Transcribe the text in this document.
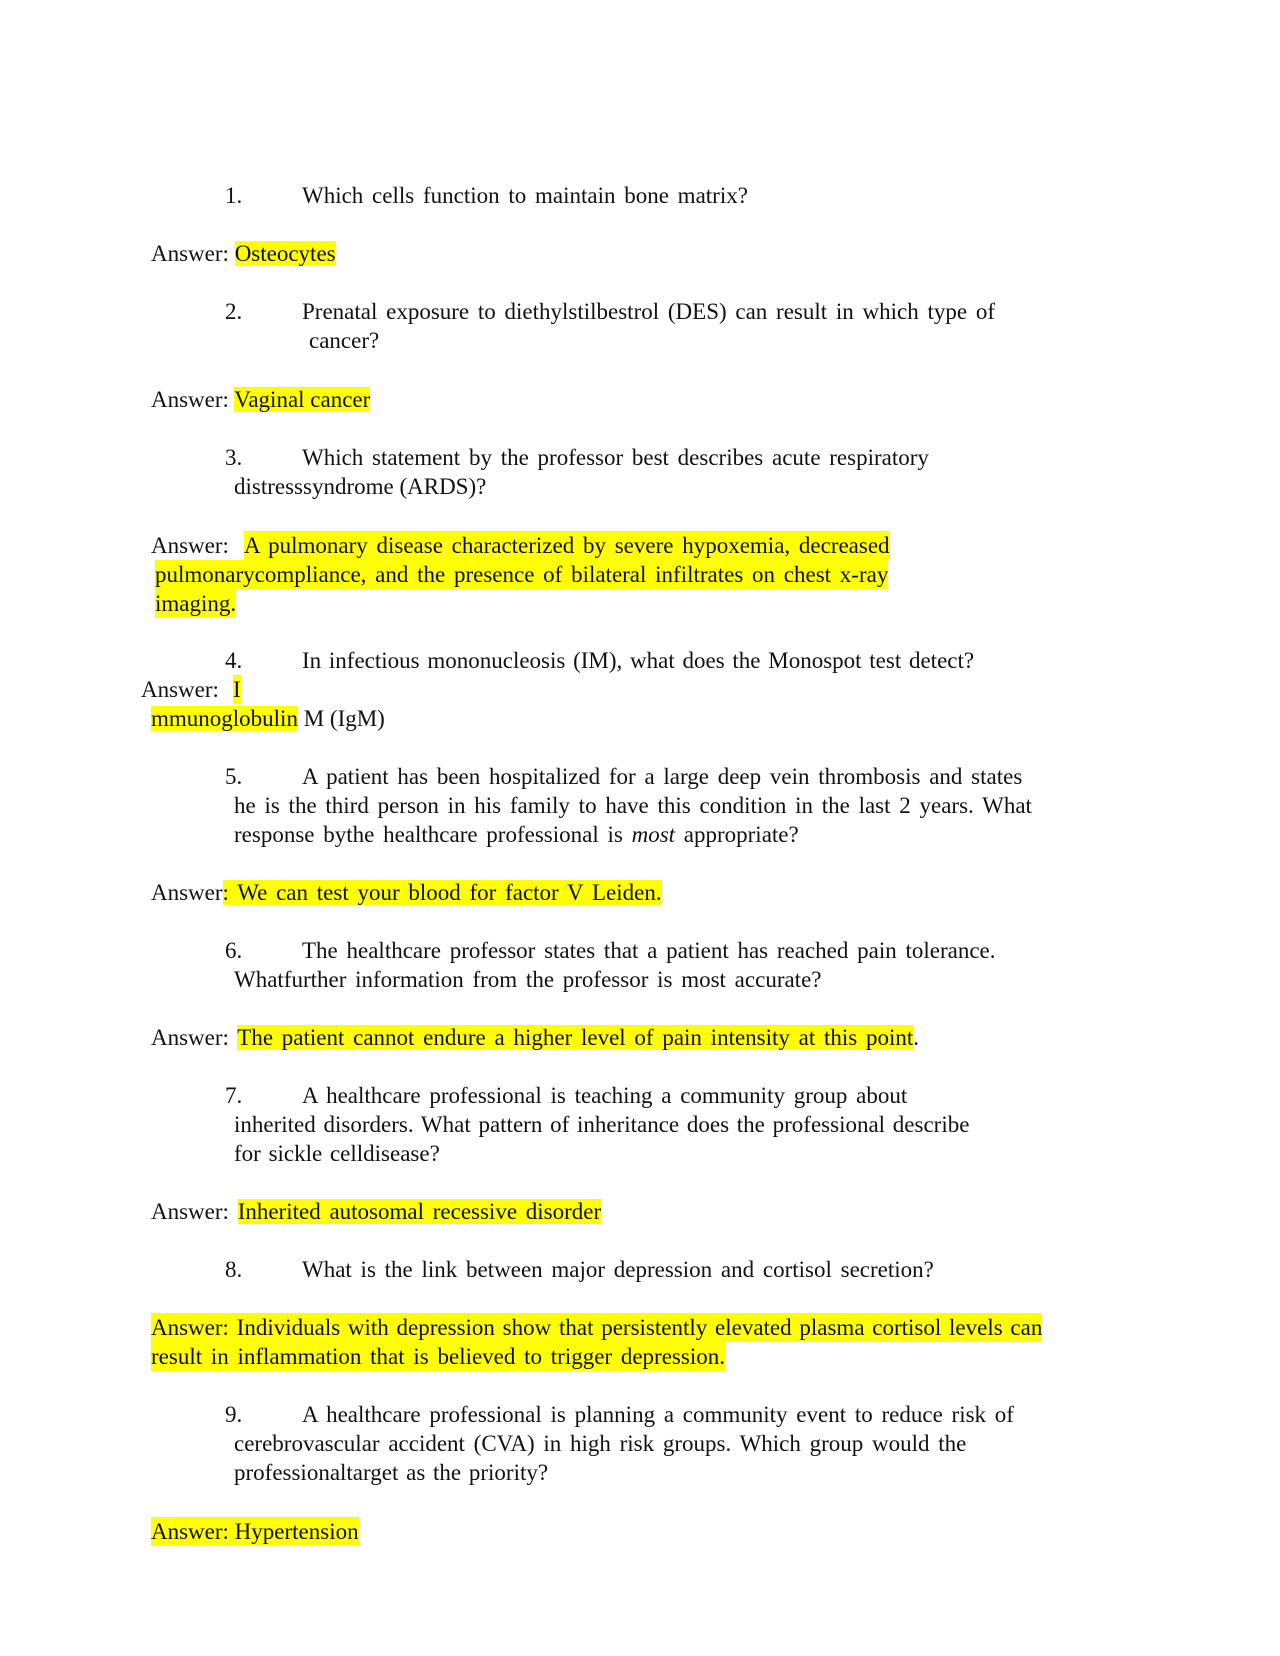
1.	Which cells function to maintain bone matrix?
Answer: Osteocytes
2.	Prenatal exposure to diethylstilbestrol (DES) can result in which type of
cancer?
Answer: Vaginal cancer
3.	Which statement by the professor best describes acute respiratory
distresssyndrome (ARDS)?
Answer: A pulmonary disease characterized by severe hypoxemia, decreased
pulmonarycompliance, and the presence of bilateral infiltrates on chest x-ray
imaging.
4.	In infectious mononucleosis (IM), what does the Monospot test detect?
Answer: I
mmunoglobulin M (IgM)
5.	A patient has been hospitalized for a large deep vein thrombosis and states
he is the third person in his family to have this condition in the last 2 years. What
response bythe healthcare professional is most appropriate?
Answer: We can test your blood for factor V Leiden.
6.	The healthcare professor states that a patient has reached pain tolerance.
Whatfurther information from the professor is most accurate?
Answer: The patient cannot endure a higher level of pain intensity at this point.
7.	A healthcare professional is teaching a community group about
inherited disorders. What pattern of inheritance does the professional describe
for sickle celldisease?
Answer: Inherited autosomal recessive disorder
8.	What is the link between major depression and cortisol secretion?
Answer: Individuals with depression show that persistently elevated plasma cortisol levels can
result in inflammation that is believed to trigger depression.
9.	A healthcare professional is planning a community event to reduce risk of
cerebrovascular accident (CVA) in high risk groups. Which group would the
professionaltarget as the priority?
Answer: Hypertension
